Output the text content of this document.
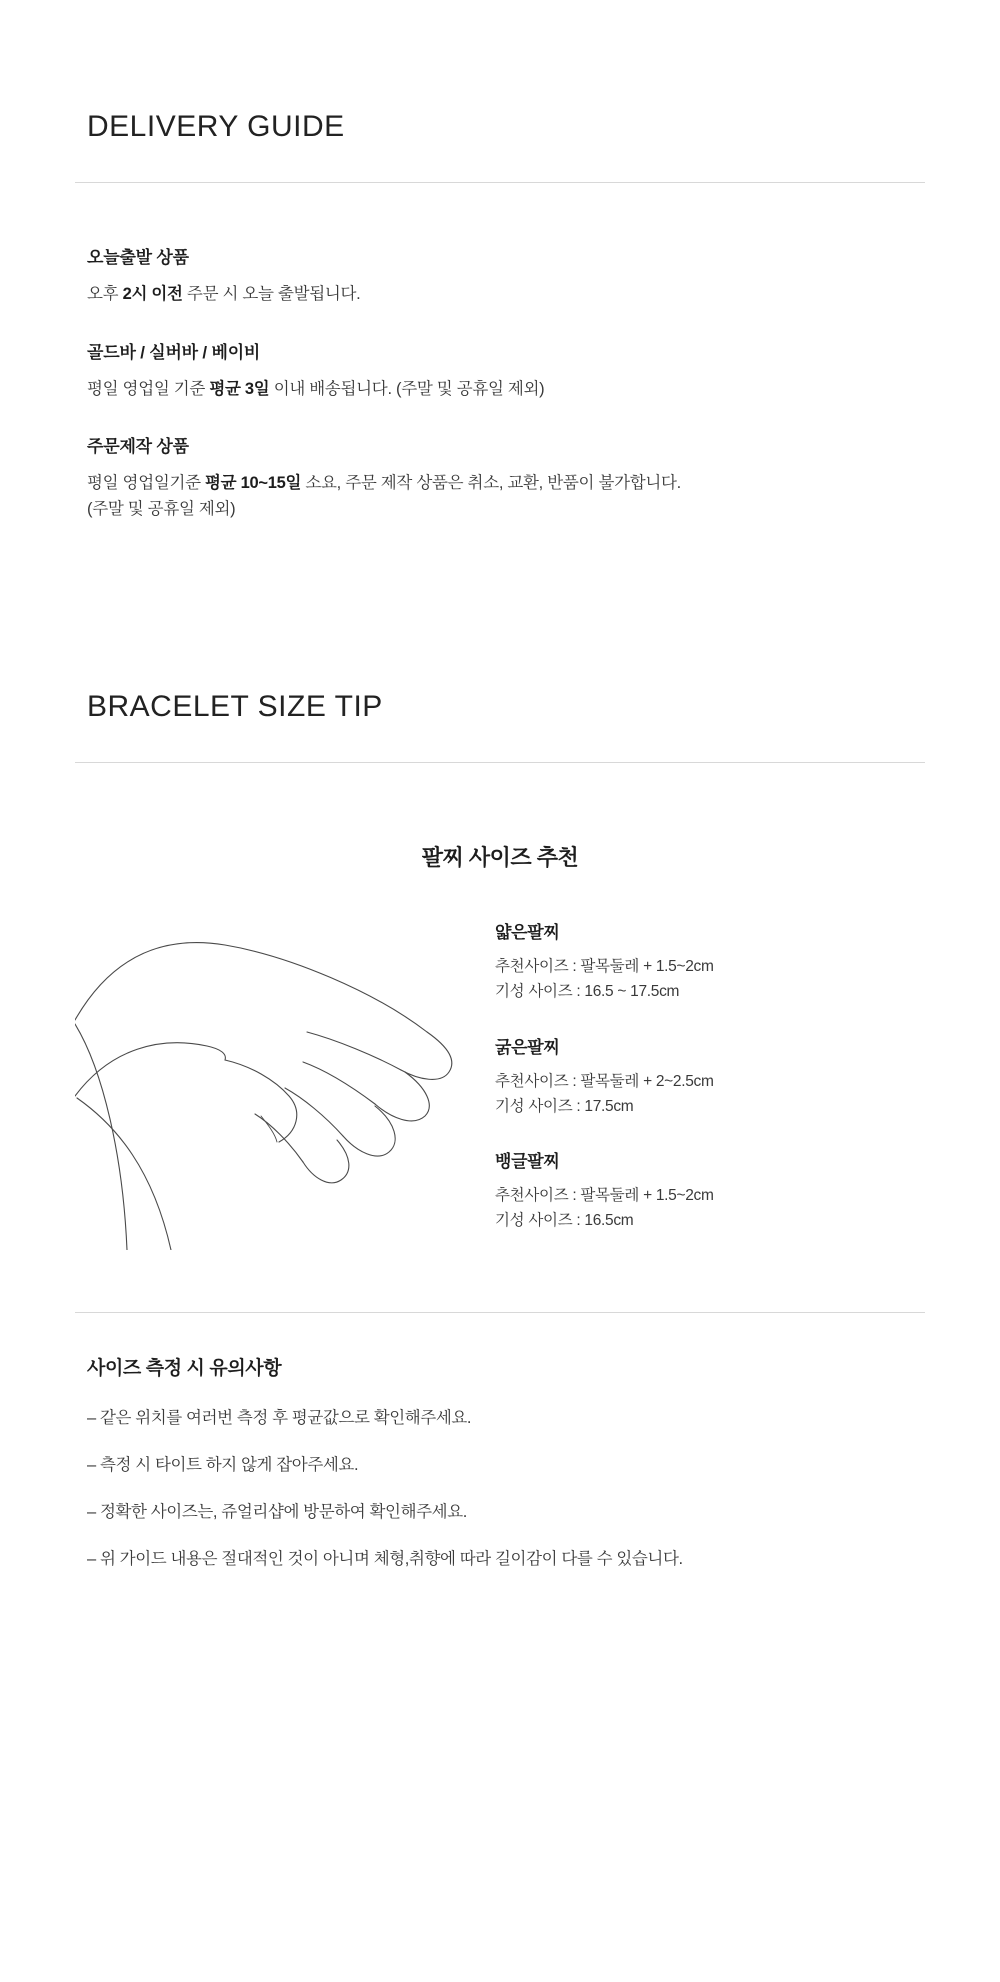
DELIVERY GUIDE

오늘출발 상품

오후 2시 이전 주문 시 오늘 출발됩니다.

골드바 / 실버바 / 베이비

평일 영업일 기준 평균 3일 이내 배송됩니다. (주말 및 공휴일 제외)

주문제작 상품

평일 영업일기준 평균 10~15일 소요, 주문 제작 상품은 취소, 교환, 반품이 불가합니다.

(주말 및 공휴일 제외)

BRACELET SIZE TIP
팔찌 사이즈 추천

얇은팔찌

추천사이즈 : 팔목둘레 + 1.5~2cm

기성 사이즈 : 16.5 ~ 17.5cm

굵은팔찌

추천사이즈 : 팔목둘레 + 2~2.5cm

기성 사이즈 : 17.5cm

뱅글팔찌

추천사이즈 : 팔목둘레 + 1.5~2cm

기성 사이즈 : 16.5cm

사이즈 측정 시 유의사항

– 같은 위치를 여러번 측정 후 평균값으로 확인해주세요.

– 측정 시 타이트 하지 않게 잡아주세요.

– 정확한 사이즈는, 쥬얼리샵에 방문하여 확인해주세요.

– 위 가이드 내용은 절대적인 것이 아니며 체형,취향에 따라 길이감이 다를 수 있습니다.
